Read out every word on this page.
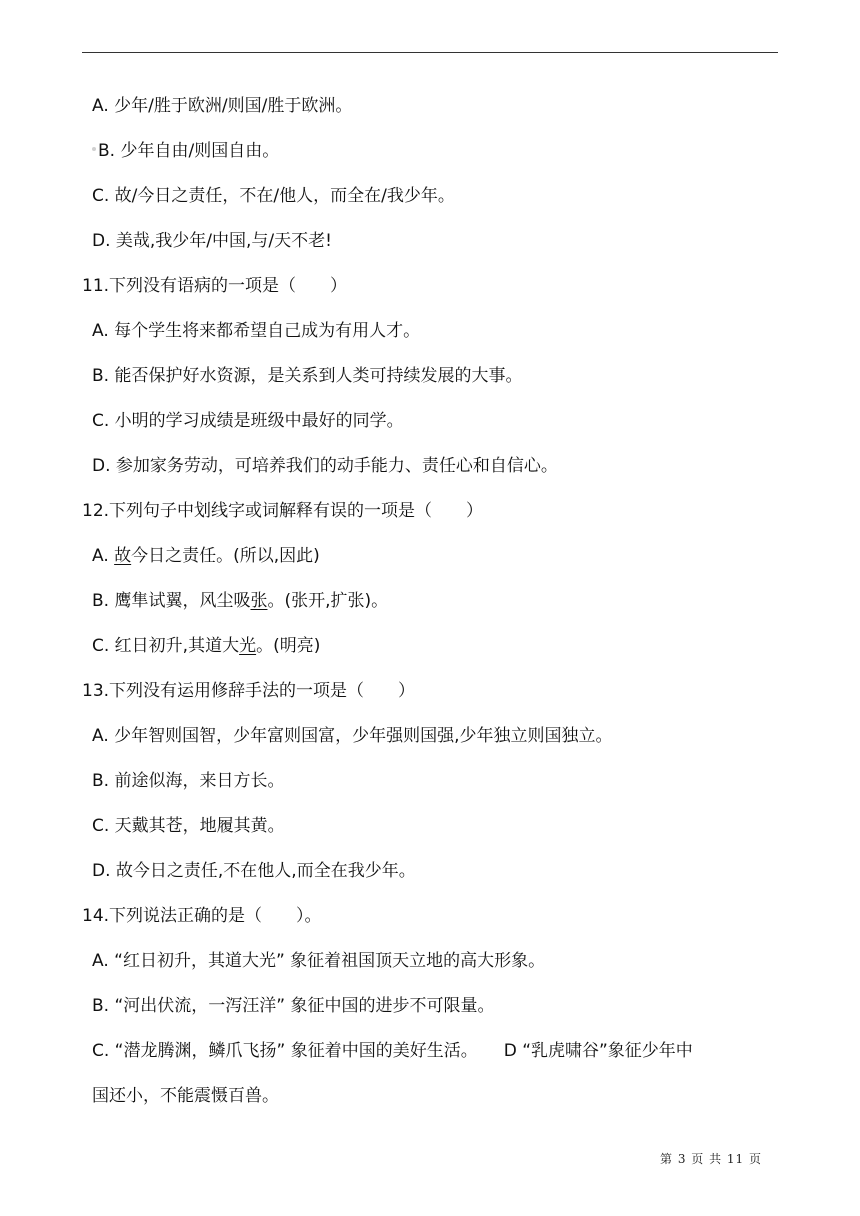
A. 少年/胜于欧洲/则国/胜于欧洲。
B. 少年自由/则国自由。
C. 故/今日之责任，不在/他人，而全在/我少年。
D. 美哉,我少年/中国,与/天不老!
11.下列没有语病的一项是（　　）
A. 每个学生将来都希望自己成为有用人才。
B. 能否保护好水资源，是关系到人类可持续发展的大事。
C. 小明的学习成绩是班级中最好的同学。
D. 参加家务劳动，可培养我们的动手能力、责任心和自信心。
12.下列句子中划线字或词解释有误的一项是（　　）
A. 故今日之责任。(所以,因此)
B. 鹰隼试翼，风尘吸张。(张开,扩张)。
C. 红日初升,其道大光。(明亮)
13.下列没有运用修辞手法的一项是（　　）
A. 少年智则国智，少年富则国富，少年强则国强,少年独立则国独立。
B. 前途似海，来日方长。
C. 天戴其苍，地履其黄。
D. 故今日之责任,不在他人,而全在我少年。
14.下列说法正确的是（　　）。
A. “红日初升，其道大光” 象征着祖国顶天立地的高大形象。
B. “河出伏流，一泻汪洋” 象征中国的进步不可限量。
C. “潜龙腾渊，鳞爪飞扬” 象征着中国的美好生活。 D “乳虎啸谷”象征少年中
国还小，不能震慑百兽。
第 3 页 共 11 页
